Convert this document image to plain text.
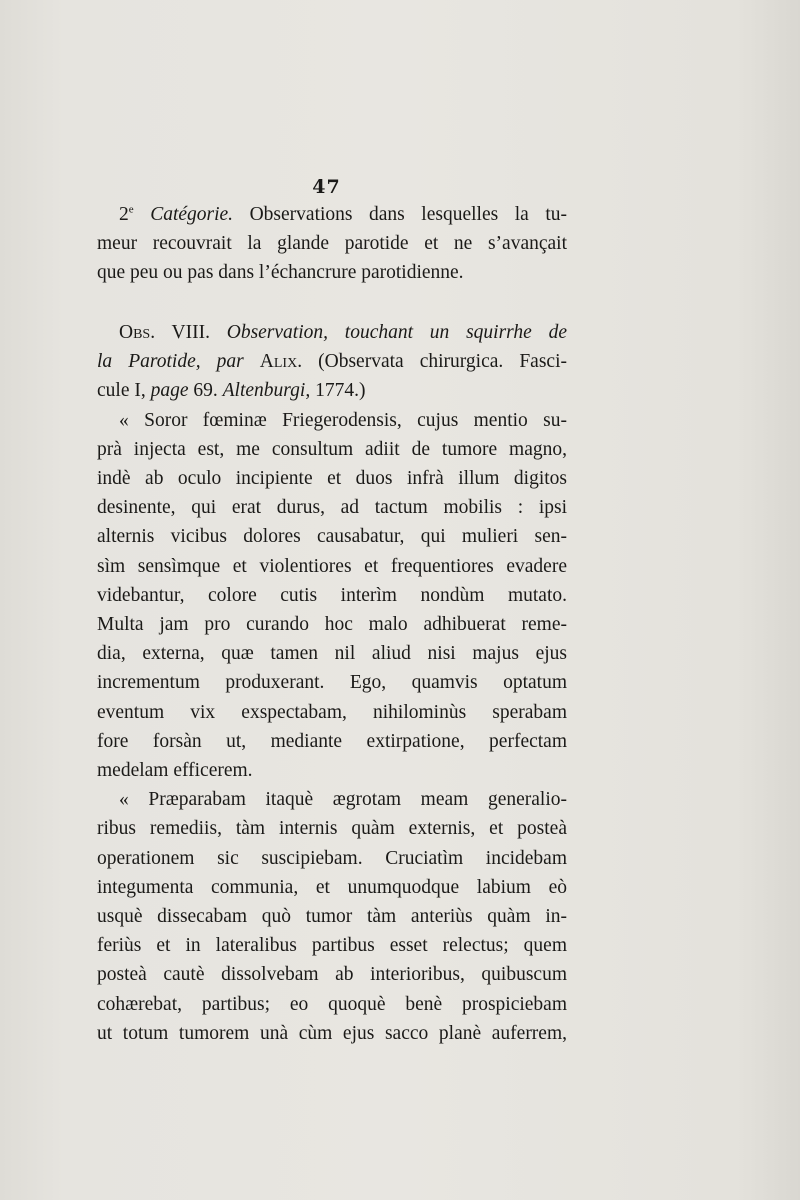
47
2e Catégorie. Observations dans lesquelles la tu-
meur recouvrait la glande parotide et ne s’avançait
que peu ou pas dans l’échancrure parotidienne.
Obs. VIII. Observation, touchant un squirrhe de
la Parotide, par Alix. (Observata chirurgica. Fasci-
cule I, page 69. Altenburgi, 1774.)
« Soror fœminæ Friegerodensis, cujus mentio su-
prà injecta est, me consultum adiit de tumore magno,
indè ab oculo incipiente et duos infrà illum digitos
desinente, qui erat durus, ad tactum mobilis : ipsi
alternis vicibus dolores causabatur, qui mulieri sen-
sìm sensìmque et violentiores et frequentiores evadere
videbantur, colore cutis interìm nondùm mutato.
Multa jam pro curando hoc malo adhibuerat reme-
dia, externa, quæ tamen nil aliud nisi majus ejus
incrementum produxerant. Ego, quamvis optatum
eventum vix exspectabam, nihilominùs sperabam
fore forsàn ut, mediante extirpatione, perfectam
medelam efficerem.
« Præparabam itaquè ægrotam meam generalio-
ribus remediis, tàm internis quàm externis, et posteà
operationem sic suscipiebam. Cruciatìm incidebam
integumenta communia, et unumquodque labium eò
usquè dissecabam quò tumor tàm anteriùs quàm in-
feriùs et in lateralibus partibus esset relectus; quem
posteà cautè dissolvebam ab interioribus, quibuscum
cohærebat, partibus; eo quoquè benè prospiciebam
ut totum tumorem unà cùm ejus sacco planè auferrem,
